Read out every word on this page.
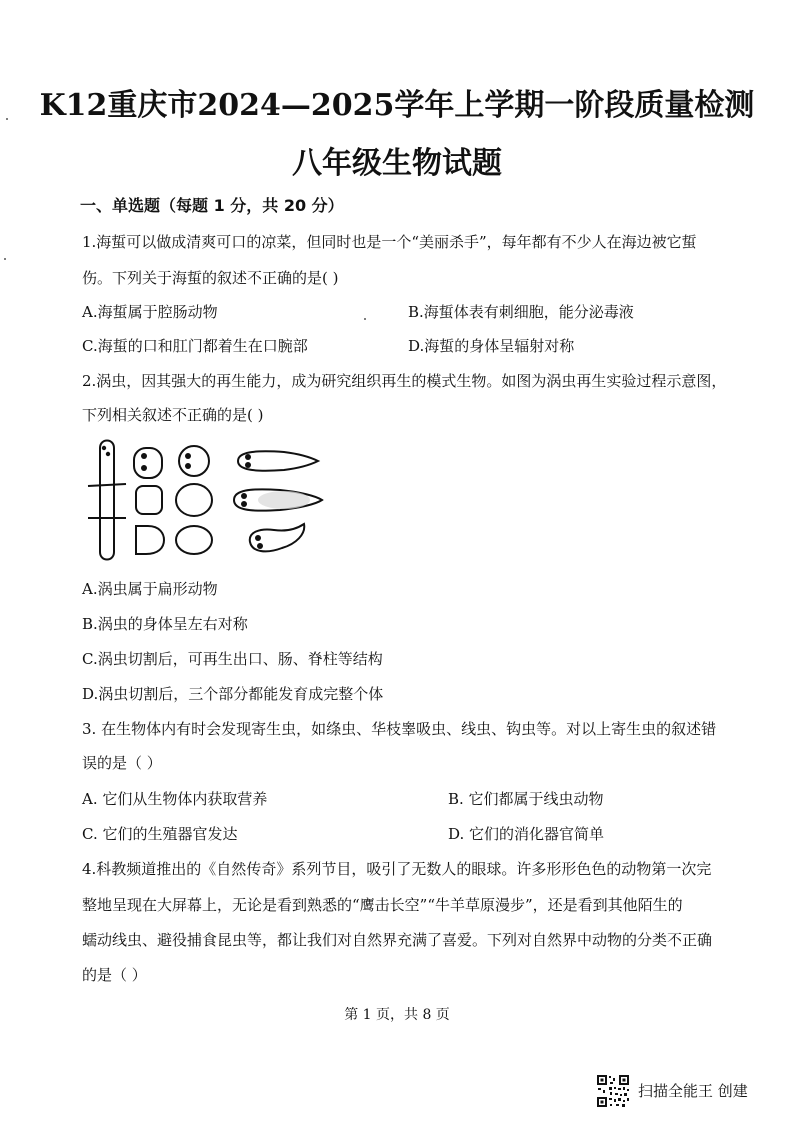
K12重庆市2024—2025学年上学期一阶段质量检测
八年级生物试题
一、单选题（每题 1 分，共 20 分）
1.海蜇可以做成清爽可口的凉菜，但同时也是一个“美丽杀手”，每年都有不少人在海边被它蜇
伤。下列关于海蜇的叙述不正确的是( )
A.海蜇属于腔肠动物	B.海蜇体表有刺细胞，能分泌毒液
C.海蜇的口和肛门都着生在口腕部	D.海蜇的身体呈辐射对称
2.涡虫，因其强大的再生能力，成为研究组织再生的模式生物。如图为涡虫再生实验过程示意图，
下列相关叙述不正确的是( )
A.涡虫属于扁形动物
B.涡虫的身体呈左右对称
C.涡虫切割后，可再生出口、肠、脊柱等结构
D.涡虫切割后，三个部分都能发育成完整个体
3. 在生物体内有时会发现寄生虫，如绦虫、华枝睾吸虫、线虫、钩虫等。对以上寄生虫的叙述错
误的是（ ）
A. 它们从生物体内获取营养	B. 它们都属于线虫动物
C. 它们的生殖器官发达	D. 它们的消化器官简单
4.科教频道推出的《自然传奇》系列节目，吸引了无数人的眼球。许多形形色色的动物第一次完
整地呈现在大屏幕上，无论是看到熟悉的“鹰击长空”“牛羊草原漫步”，还是看到其他陌生的
蠕动线虫、避役捕食昆虫等，都让我们对自然界充满了喜爱。下列对自然界中动物的分类不正确
的是（ ）
第 1 页，共 8 页
扫描全能王 创建
